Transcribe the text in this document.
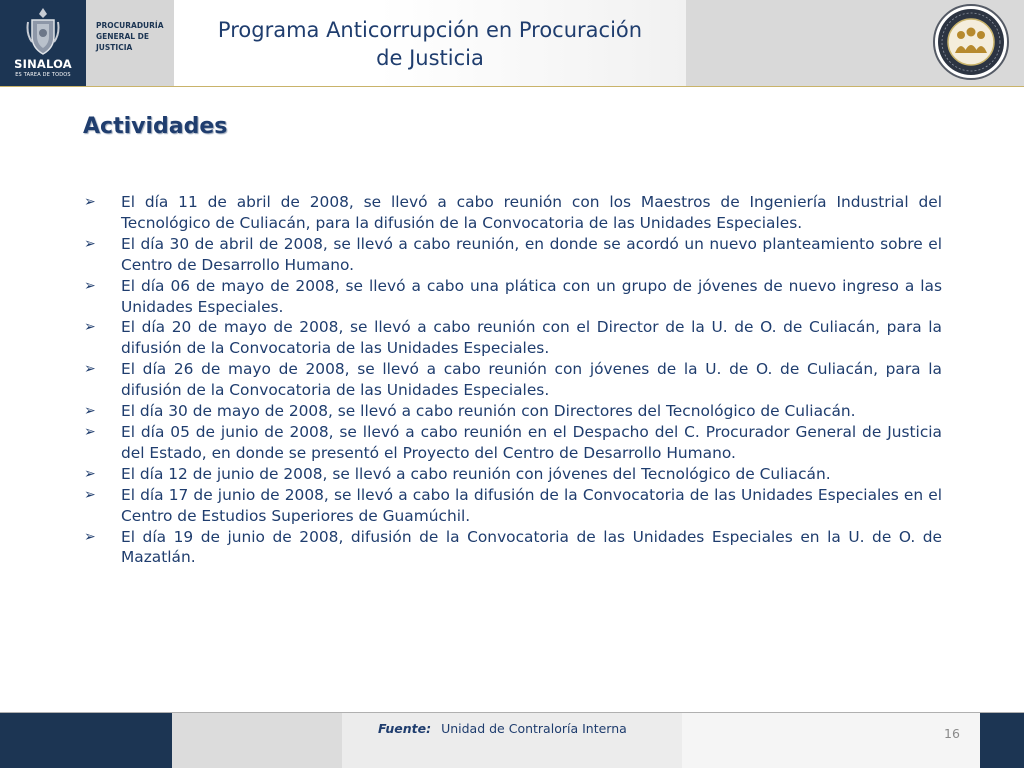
SINALOA
ES TAREA DE TODOS
PROCURADURÍA
GENERAL DE
JUSTICIA
Programa Anticorrupción en Procuración
de Justicia
Actividades
➢ El día 11 de abril de 2008, se llevó a cabo reunión con los Maestros de Ingeniería Industrial del Tecnológico de Culiacán, para la difusión de la Convocatoria de las Unidades Especiales.
➢ El día 30 de abril de 2008, se llevó a cabo reunión, en donde se acordó un nuevo planteamiento sobre el Centro de Desarrollo Humano.
➢ El día 06 de mayo de 2008, se llevó a cabo una plática con un grupo de jóvenes de nuevo ingreso a las Unidades Especiales.
➢ El día 20 de mayo de 2008, se llevó a cabo reunión con el Director de la U. de O. de Culiacán, para la difusión de la Convocatoria de las Unidades Especiales.
➢ El día 26 de mayo de 2008, se llevó a cabo reunión con jóvenes de la U. de O. de Culiacán, para la difusión de la Convocatoria de las Unidades Especiales.
➢ El día 30 de mayo de 2008, se llevó a cabo reunión con Directores del Tecnológico de Culiacán.
➢ El día 05 de junio de 2008, se llevó a cabo reunión en el Despacho del C. Procurador General de Justicia del Estado, en donde se presentó el Proyecto del Centro de Desarrollo Humano.
➢ El día 12 de junio de 2008, se llevó a cabo reunión con jóvenes del Tecnológico de Culiacán.
➢ El día 17 de junio de 2008, se llevó a cabo la difusión de la Convocatoria de las Unidades Especiales en el Centro de Estudios Superiores de Guamúchil.
➢ El día 19 de junio de 2008, difusión de la Convocatoria de las Unidades Especiales en la U. de O. de Mazatlán.
Fuente: Unidad de Contraloría Interna	16
